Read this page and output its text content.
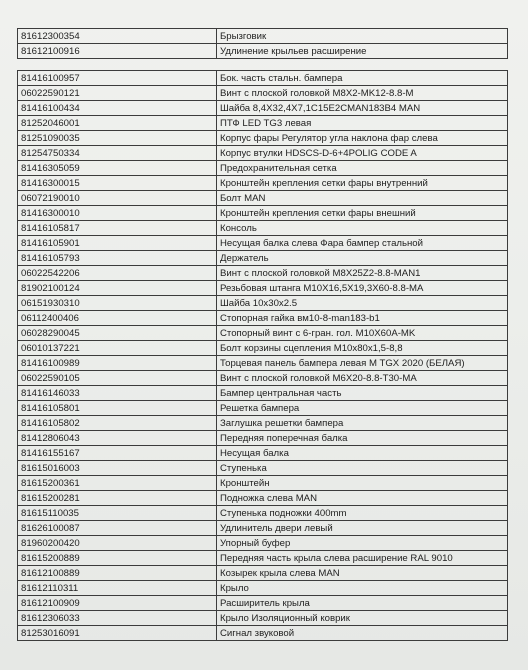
81612300354	Брызговик
81612100916	Удлинение крыльев расширение
81416100957	Бок. часть стальн. бампера
06022590121	Винт с плоской головкой M8X2-MK12-8.8-M
81416100434	Шайба 8,4X32,4X7,1C15E2CMAN183B4 MAN
81252046001	ПТФ LED TG3 левая
81251090035	Корпус фары Регулятор угла наклона фар слева
81254750334	Корпус втулки HDSCS-D-6+4POLIG CODE A
81416305059	Предохранительная сетка
81416300015	Кронштейн крепления сетки фары внутренний
06072190010	Болт MAN
81416300010	Кронштейн крепления сетки фары внешний
81416105817	Консоль
81416105901	Несущая балка слева Фара бампер стальной
81416105793	Держатель
06022542206	Винт с плоской головкой M8X25Z2-8.8-MAN1
81902100124	Резьбовая штанга M10X16,5X19,3X60-8.8-MA
06151930310	Шайба 10x30x2.5
06112400406	Стопорная гайка вм10-8-man183-b1
06028290045	Стопорный винт с 6-гран. гол. M10X60A-MK
06010137221	Болт корзины сцепления M10x80x1,5-8,8
81416100989	Торцевая панель бампера левая M TGX 2020 (БЕЛАЯ)
06022590105	Винт с плоской головкой M6X20-8.8-T30-MA
81416146033	Бампер центральная часть
81416105801	Решетка бампера
81416105802	Заглушка решетки бампера
81412806043	Передняя поперечная балка
81416155167	Несущая балка
81615016003	Ступенька
81615200361	Кронштейн
81615200281	Подножка слева MAN
81615110035	Ступенька подножки 400mm
81626100087	Удлинитель двери левый
81960200420	Упорный буфер
81615200889	Передняя часть крыла слева расширение RAL 9010
81612100889	Козырек крыла слева MAN
81612110311	Крыло
81612100909	Расширитель крыла
81612306033	Крыло Изоляционный коврик
81253016091	Сигнал звуковой
